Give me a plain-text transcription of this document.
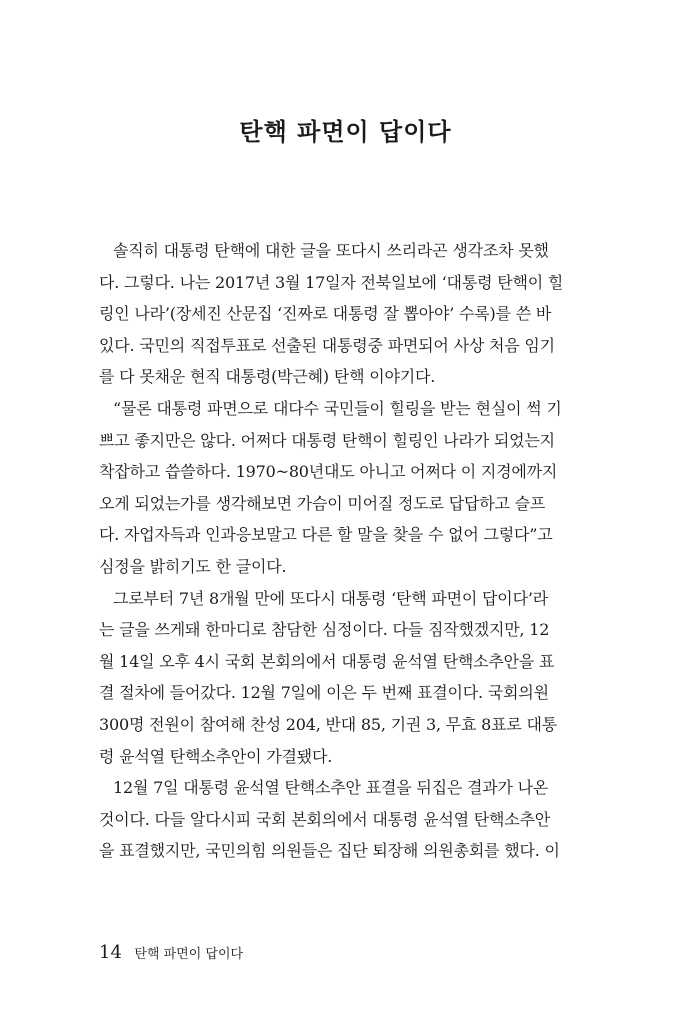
탄핵 파면이 답이다
솔직히 대통령 탄핵에 대한 글을 또다시 쓰리라곤 생각조차 못했
다. 그렇다. 나는 2017년 3월 17일자 전북일보에 ‘대통령 탄핵이 힐
링인 나라’(장세진 산문집 ‘진짜로 대통령 잘 뽑아야’ 수록)를 쓴 바
있다. 국민의 직접투표로 선출된 대통령중 파면되어 사상 처음 임기
를 다 못채운 현직 대통령(박근혜) 탄핵 이야기다.
“물론 대통령 파면으로 대다수 국민들이 힐링을 받는 현실이 썩 기
쁘고 좋지만은 않다. 어쩌다 대통령 탄핵이 힐링인 나라가 되었는지
착잡하고 씁쓸하다. 1970~80년대도 아니고 어쩌다 이 지경에까지
오게 되었는가를 생각해보면 가슴이 미어질 정도로 답답하고 슬프
다. 자업자득과 인과응보말고 다른 할 말을 찾을 수 없어 그렇다”고
심정을 밝히기도 한 글이다.
그로부터 7년 8개월 만에 또다시 대통령 ‘탄핵 파면이 답이다’라
는 글을 쓰게돼 한마디로 참담한 심정이다. 다들 짐작했겠지만, 12
월 14일 오후 4시 국회 본회의에서 대통령 윤석열 탄핵소추안을 표
결 절차에 들어갔다. 12월 7일에 이은 두 번째 표결이다. 국회의원
300명 전원이 참여해 찬성 204, 반대 85, 기권 3, 무효 8표로 대통
령 윤석열 탄핵소추안이 가결됐다.
12월 7일 대통령 윤석열 탄핵소추안 표결을 뒤집은 결과가 나온
것이다. 다들 알다시피 국회 본회의에서 대통령 윤석열 탄핵소추안
을 표결했지만, 국민의힘 의원들은 집단 퇴장해 의원총회를 했다. 이
14 탄핵 파면이 답이다
